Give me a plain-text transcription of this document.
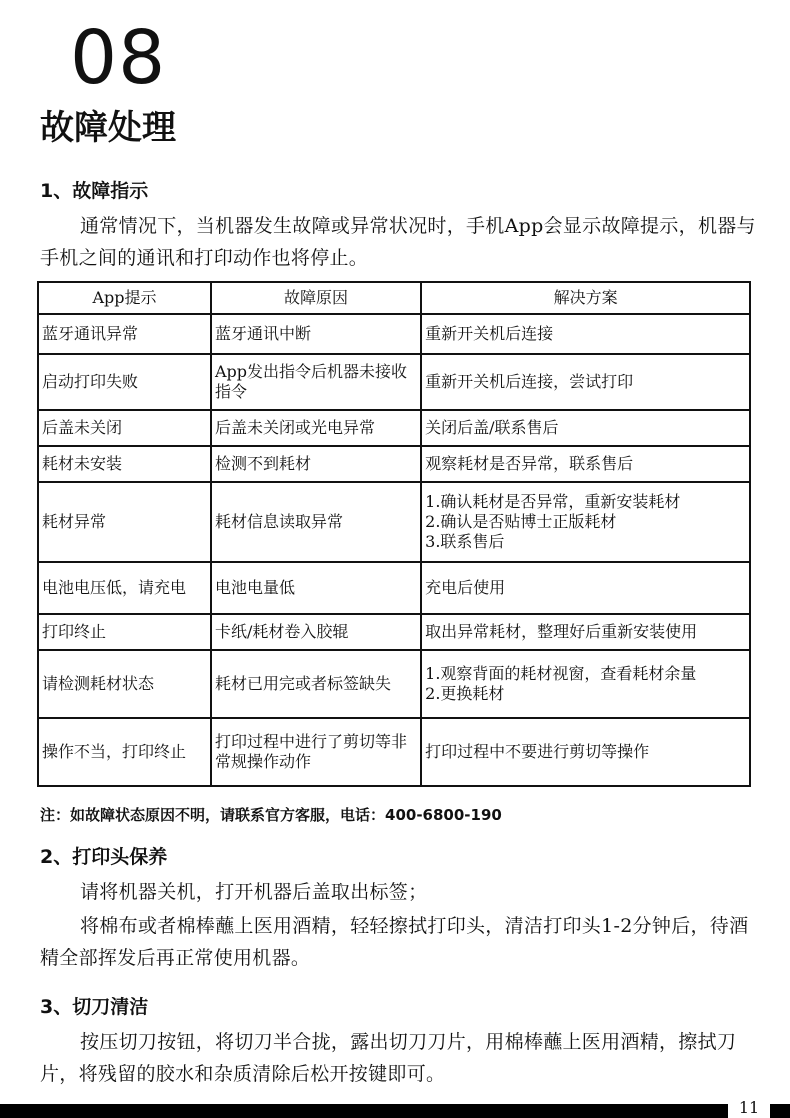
08
故障处理
1、故障指示
通常情况下，当机器发生故障或异常状况时，手机App会显示故障提示，机器与手机之间的通讯和打印动作也将停止。
App提示	故障原因	解决方案
蓝牙通讯异常	蓝牙通讯中断	重新开关机后连接

启动打印失败	App发出指令后机器未接收指令	重新开关机后连接，尝试打印

后盖未关闭	后盖未关闭或光电异常	关闭后盖/联系售后

耗材未安装	检测不到耗材	观察耗材是否异常，联系售后

耗材异常	耗材信息读取异常	1.确认耗材是否异常，重新安装耗材
2.确认是否贴博士正版耗材
3.联系售后

电池电压低，请充电	电池电量低	充电后使用

打印终止	卡纸/耗材卷入胶辊	取出异常耗材，整理好后重新安装使用

请检测耗材状态	耗材已用完或者标签缺失	1.观察背面的耗材视窗，查看耗材余量
2.更换耗材

操作不当，打印终止	打印过程中进行了剪切等非常规操作动作	打印过程中不要进行剪切等操作
注：如故障状态原因不明，请联系官方客服，电话：400-6800-190
2、打印头保养
请将机器关机，打开机器后盖取出标签；
将棉布或者棉棒蘸上医用酒精，轻轻擦拭打印头，清洁打印头1-2分钟后，待酒精全部挥发后再正常使用机器。
3、切刀清洁
按压切刀按钮，将切刀半合拢，露出切刀刀片，用棉棒蘸上医用酒精，擦拭刀片，将残留的胶水和杂质清除后松开按键即可。
11
